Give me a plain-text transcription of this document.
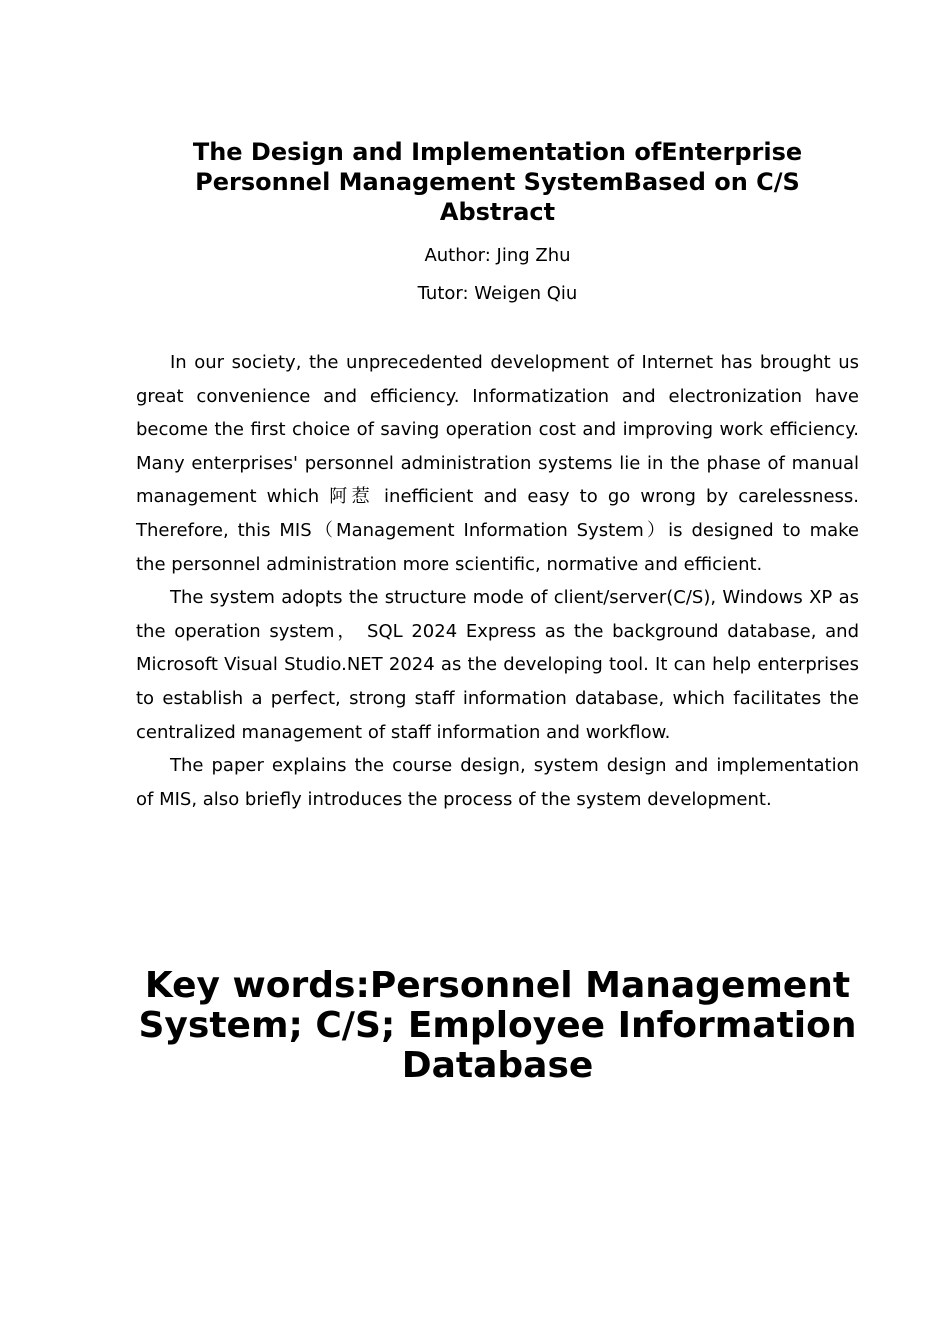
The Design and Implementation ofEnterprise
Personnel Management SystemBased on C/S
Abstract

Author: Jing Zhu

Tutor: Weigen Qiu

In our society, the unprecedented development of Internet has brought us great convenience and efficiency. Informatization and electronization have become the first choice of saving operation cost and improving work efficiency. Many enterprises' personnel administration systems lie in the phase of manual management which 阿惹 inefficient and easy to go wrong by carelessness. Therefore, this MIS（Management Information System）is designed to make the personnel administration more scientific, normative and efficient.

The system adopts the structure mode of client/server(C/S), Windows XP as the operation system， SQL 2024 Express as the background database, and Microsoft Visual Studio.NET 2024 as the developing tool. It can help enterprises to establish a perfect, strong staff information database, which facilitates the centralized management of staff information and workflow.

The paper explains the course design, system design and implementation of MIS, also briefly introduces the process of the system development.

Key words:Personnel Management System; C/S; Employee Information Database
